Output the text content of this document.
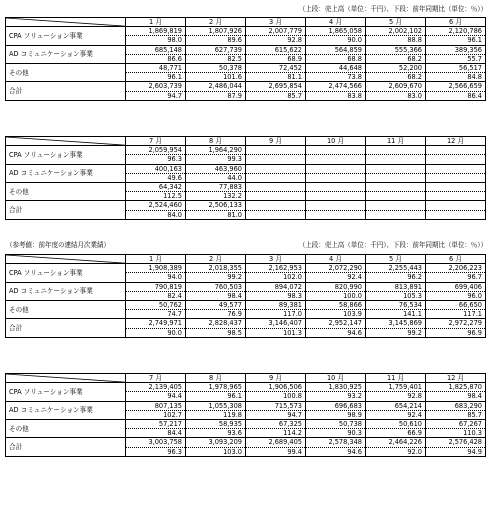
（上段：売上高（単位：千円）、下段：前年同期比（単位：％））
	1 月	2 月	3 月	4 月	5 月	6 月
CPA ソリューション事業	1,869,819	1,807,926	2,007,779	1,865,058	2,002,102	2,120,786
	98.0	89.6	92.8	90.0	88.8	96.1
AD コミュニケーション事業	685,148	627,739	615,622	564,859	555,366	389,356
	86.6	82.5	68.9	68.8	68.2	55.7
その他	48,771	50,378	72,452	44,648	52,200	56,517
	96.1	101.6	81.1	73.8	68.2	84.8
合計	2,603,739	2,486,044	2,695,854	2,474,566	2,609,670	2,566,659
	94.7	87.9	85.7	83.8	83.0	86.4
	7 月	8 月	9 月	10 月	11 月	12 月
CPA ソリューション事業	2,059,954	1,964,290				
	96.3	99.3				
AD コミュニケーション事業	400,163	463,960				
	49.6	44.0				
その他	64,342	77,883				
	112.5	132.2				
合計	2,524,460	2,506,133				
	84.0	81.0				
（参考値：前年度の連結月次業績）	（上段：売上高（単位：千円）、下段：前年同期比（単位：％））
	1 月	2 月	3 月	4 月	5 月	6 月
CPA ソリューション事業	1,908,389	2,018,355	2,162,953	2,072,290	2,255,443	2,206,223
	94.0	99.2	102.0	92.4	96.2	96.7
AD コミュニケーション事業	790,819	760,503	894,072	820,990	813,891	699,406
	82.4	98.4	98.3	100.0	105.3	96.0
その他	50,762	49,577	89,381	58,866	76,534	66,650
	74.7	76.9	117.0	103.9	141.1	117.1
合計	2,749,971	2,828,437	3,146,407	2,952,147	3,145,869	2,972,279
	90.0	98.5	101.3	94.6	99.2	96.9
	7 月	8 月	9 月	10 月	11 月	12 月
CPA ソリューション事業	2,139,405	1,978,965	1,906,506	1,830,925	1,759,401	1,825,870
	94.4	96.1	100.8	93.2	92.8	98.4
AD コミュニケーション事業	807,135	1,055,308	715,573	696,683	654,214	683,290
	102.7	119.8	94.7	98.9	92.4	85.7
その他	57,217	58,935	67,325	50,738	50,610	67,267
	84.4	93.6	114.2	90.3	66.9	110.3
合計	3,003,758	3,093,209	2,689,405	2,578,348	2,464,226	2,576,428
	96.3	103.0	99.4	94.6	92.0	94.9
